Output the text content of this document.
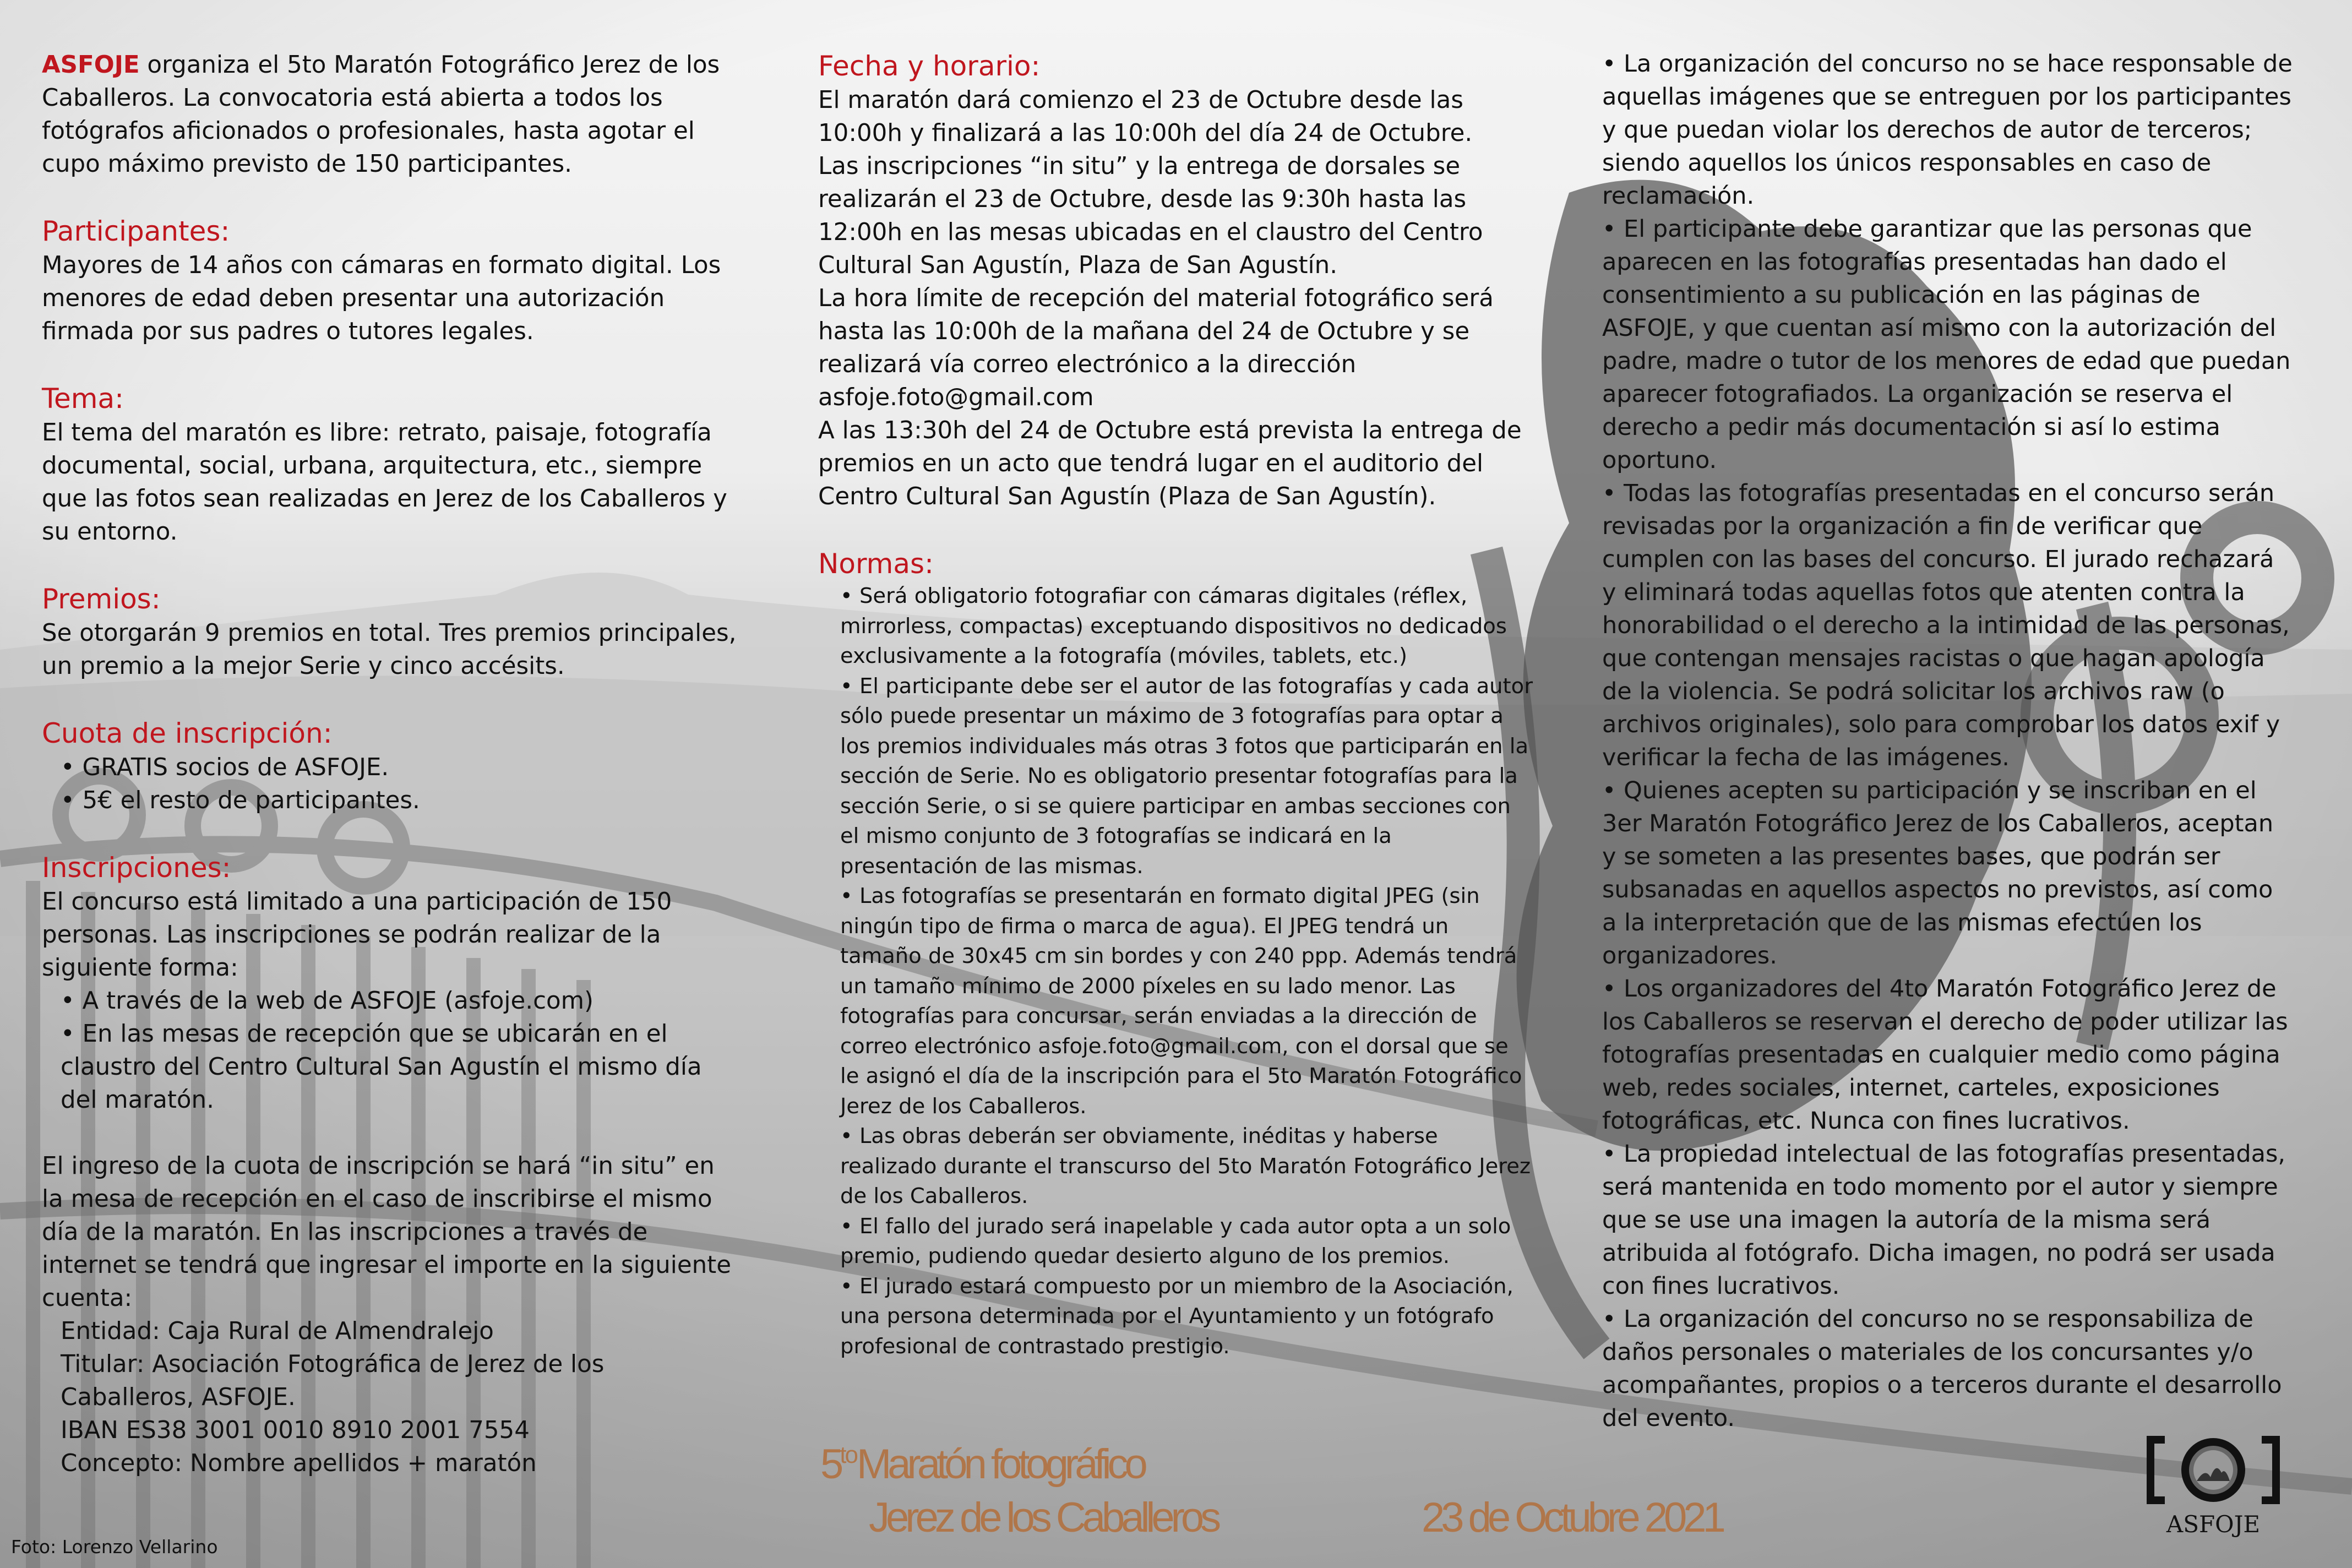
ASFOJE organiza el 5to Maratón Fotográfico Jerez de los Caballeros. La convocatoria está abierta a todos los fotógrafos aficionados o profesionales, hasta agotar el cupo máximo previsto de 150 participantes.

Participantes:

Mayores de 14 años con cámaras en formato digital. Los menores de edad deben presentar una autorización firmada por sus padres o tutores legales.

Tema:

El tema del maratón es libre: retrato, paisaje, fotografía documental, social, urbana, arquitectura, etc., siempre que las fotos sean realizadas en Jerez de los Caballeros y su entorno.

Premios:

Se otorgarán 9 premios en total. Tres premios principales, un premio a la mejor Serie y cinco accésits.

Cuota de inscripción:

• GRATIS socios de ASFOJE.

• 5€ el resto de participantes.

Inscripciones:

El concurso está limitado a una participación de 150 personas. Las inscripciones se podrán realizar de la siguiente forma:

• A través de la web de ASFOJE (asfoje.com)

• En las mesas de recepción que se ubicarán en el claustro del Centro Cultural San Agustín el mismo día del maratón.

El ingreso de la cuota de inscripción se hará “in situ” en la mesa de recepción en el caso de inscribirse el mismo día de la maratón. En las inscripciones a través de internet se tendrá que ingresar el importe en la siguiente cuenta:

Entidad: Caja Rural de Almendralejo

Titular: Asociación Fotográfica de Jerez de los Caballeros, ASFOJE.

IBAN ES38 3001 0010 8910 2001 7554

Concepto: Nombre apellidos + maratón

Fecha y horario:

El maratón dará comienzo el 23 de Octubre desde las 10:00h y finalizará a las 10:00h del día 24 de Octubre.

Las inscripciones “in situ” y la entrega de dorsales se realizarán el 23 de Octubre, desde las 9:30h hasta las 12:00h en las mesas ubicadas en el claustro del Centro Cultural San Agustín, Plaza de San Agustín.

La hora límite de recepción del material fotográfico será hasta las 10:00h de la mañana del 24 de Octubre y se realizará vía correo electrónico a la dirección asfoje.foto@gmail.com

A las 13:30h del 24 de Octubre está prevista la entrega de premios en un acto que tendrá lugar en el auditorio del Centro Cultural San Agustín (Plaza de San Agustín).

Normas:

• Será obligatorio fotografiar con cámaras digitales (réflex, mirrorless, compactas) exceptuando dispositivos no dedicados exclusivamente a la fotografía (móviles, tablets, etc.)

• El participante debe ser el autor de las fotografías y cada autor sólo puede presentar un máximo de 3 fotografías para optar a los premios individuales más otras 3 fotos que participarán en la sección de Serie. No es obligatorio presentar fotografías para la sección Serie, o si se quiere participar en ambas secciones con el mismo conjunto de 3 fotografías se indicará en la presentación de las mismas.

• Las fotografías se presentarán en formato digital JPEG (sin ningún tipo de firma o marca de agua). El JPEG tendrá un tamaño de 30x45 cm sin bordes y con 240 ppp. Además tendrá un tamaño mínimo de 2000 píxeles en su lado menor. Las fotografías para concursar, serán enviadas a la dirección de correo electrónico asfoje.foto@gmail.com, con el dorsal que se le asignó el día de la inscripción para el 5to Maratón Fotográfico Jerez de los Caballeros.

• Las obras deberán ser obviamente, inéditas y haberse realizado durante el transcurso del 5to Maratón Fotográfico Jerez de los Caballeros.

• El fallo del jurado será inapelable y cada autor opta a un solo premio, pudiendo quedar desierto alguno de los premios.

• El jurado estará compuesto por un miembro de la Asociación, una persona determinada por el Ayuntamiento y un fotógrafo profesional de contrastado prestigio.

• La organización del concurso no se hace responsable de aquellas imágenes que se entreguen por los participantes y que puedan violar los derechos de autor de terceros; siendo aquellos los únicos responsables en caso de reclamación.

• El participante debe garantizar que las personas que aparecen en las fotografías presentadas han dado el consentimiento a su publicación en las páginas de ASFOJE, y que cuentan así mismo con la autorización del padre, madre o tutor de los menores de edad que puedan aparecer fotografiados. La organización se reserva el derecho a pedir más documentación si así lo estima oportuno.

• Todas las fotografías presentadas en el concurso serán revisadas por la organización a fin de verificar que cumplen con las bases del concurso. El jurado rechazará y eliminará todas aquellas fotos que atenten contra la honorabilidad o el derecho a la intimidad de las personas, que contengan mensajes racistas o que hagan apología de la violencia. Se podrá solicitar los archivos raw (o archivos originales), solo para comprobar los datos exif y verificar la fecha de las imágenes.

• Quienes acepten su participación y se inscriban en el 3er Maratón Fotográfico Jerez de los Caballeros, aceptan y se someten a las presentes bases, que podrán ser subsanadas en aquellos aspectos no previstos, así como a la interpretación que de las mismas efectúen los organizadores.

• Los organizadores del 4to Maratón Fotográfico Jerez de los Caballeros se reservan el derecho de poder utilizar las fotografías presentadas en cualquier medio como página web, redes sociales, internet, carteles, exposiciones fotográficas, etc. Nunca con fines lucrativos.

• La propiedad intelectual de las fotografías presentadas, será mantenida en todo momento por el autor y siempre que se use una imagen la autoría de la misma será atribuida al fotógrafo. Dicha imagen, no podrá ser usada con fines lucrativos.

• La organización del concurso no se responsabiliza de daños personales o materiales de los concursantes y/o acompañantes, propios o a terceros durante el desarrollo del evento.

Foto: Lorenzo Vellarino
$5^{to}Maratón$ fotográfico
Jerez de los Caballeros	23 de Octubre 2021	ASFOJE
